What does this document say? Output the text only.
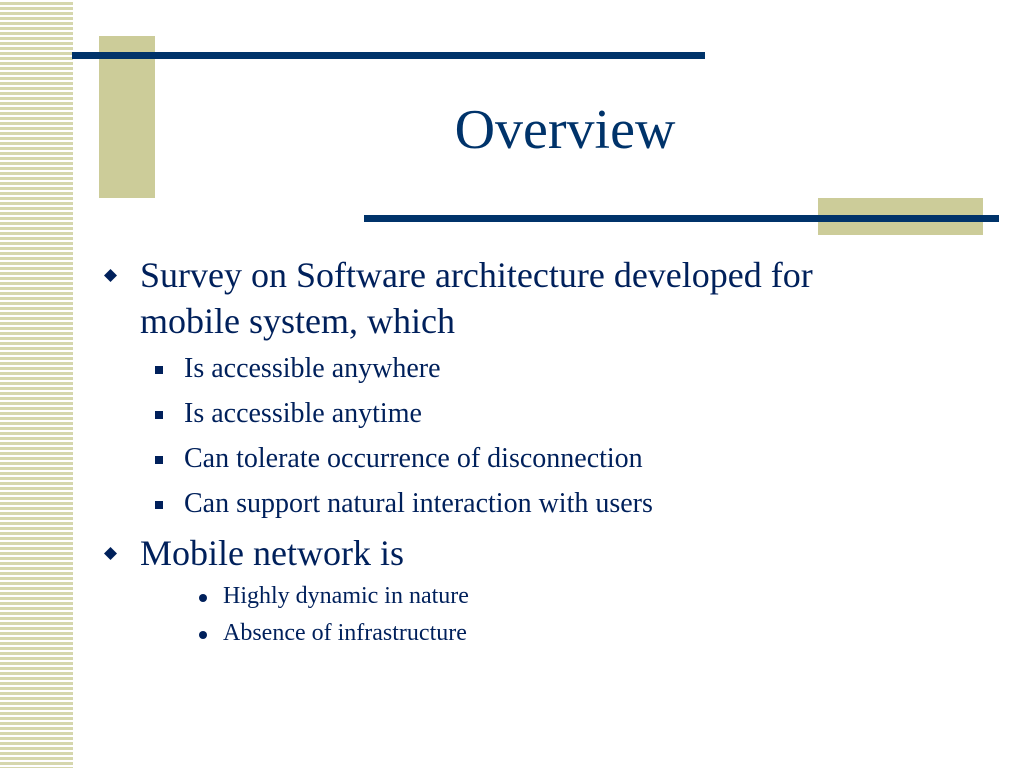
Overview
Survey on Software architecture developed for
mobile system, which
Is accessible anywhere
Is accessible anytime
Can tolerate occurrence of disconnection
Can support natural interaction with users
Mobile network is
Highly dynamic in nature
Absence of infrastructure
